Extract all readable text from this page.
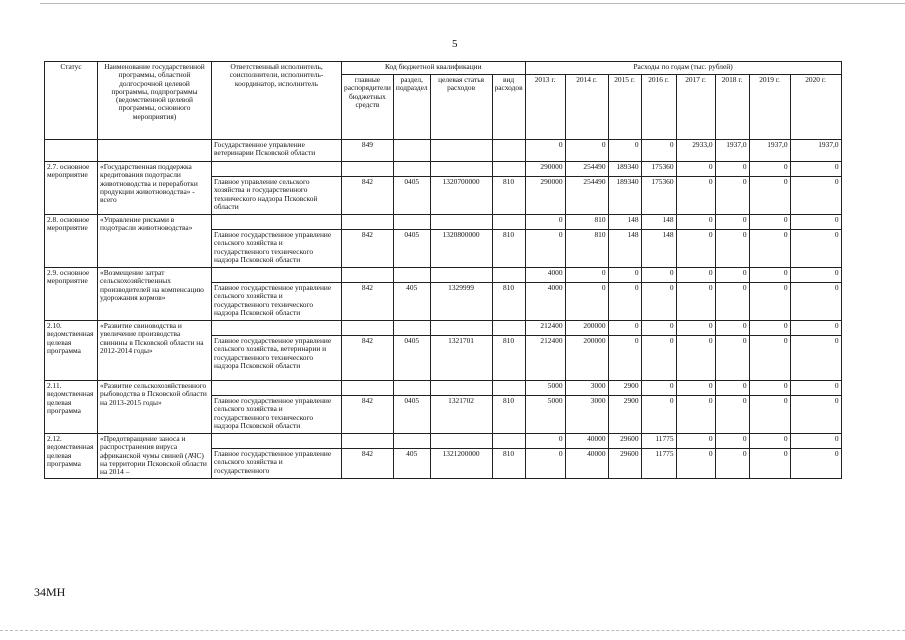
5
Статус	Наименование государственной программы, областной долгосрочной целевой программы, подпрограммы (ведомственной целевой программы, основного мероприятия)	Ответственный исполнитель, соисполнители, исполнитель-координатор, исполнитель	Код бюджетной квалификации				Расходы по годам (тыс. рублей)							
			главные распорядители бюджетных средств	раздел, подраздел	целевая статья расходов	вид расходов	2013 г.	2014 г.	2015 г.	2016 г.	2017 г.	2018 г.	2019 г.	2020 г.
		Государственное управление ветеринарии Псковской области	849				0	0	0	0	2933,0	1937,0	1937,0	1937,0
2.7. основное мероприятие	«Государственная поддержка кредитования подотрасли животноводства и переработки продукции животноводства» - всего						290000	254490	189340	175360	0	0	0	0
		Главное управление сельского хозяйства и государственного технического надзора Псковской области	842	0405	1320700000	810	290000	254490	189340	175360	0	0	0	0
2.8. основное мероприятие	«Управление рисками в подотрасли животноводства»						0	810	148	148	0	0	0	0
		Главное государственное управление сельского хозяйства и государственного технического надзора Псковской области	842	0405	1320800000	810	0	810	148	148	0	0	0	0
2.9. основное мероприятие	«Возмещение затрат сельскохозяйственных производителей на компенсацию удорожания кормов»						4000	0	0	0	0	0	0	0
		Главное государственное управление сельского хозяйства и государственного технического надзора Псковской области	842	405	1329999	810	4000	0	0	0	0	0	0	0
2.10. ведомственная целевая программа	«Развитие свиноводства и увеличение производства свинины в Псковской области на 2012-2014 годы»						212400	200000	0	0	0	0	0	0
		Главное государственное управление сельского хозяйства, ветеринарии и государственного технического надзора Псковской области	842	0405	1321701	810	212400	200000	0	0	0	0	0	0
2.11. ведомственная целевая программа	«Развитие сельскохозяйственного рыбоводства в Псковской области на 2013-2015 годы»						5000	3000	2900	0	0	0	0	0
		Главное государственное управление сельского хозяйства и государственного технического надзора Псковской области	842	0405	1321702	810	5000	3000	2900	0	0	0	0	0
2.12. ведомственная целевая программа	«Предотвращение заноса и распространения вируса африканской чумы свиней (АЧС) на территории Псковской области на 2014 –						0	40000	29600	11775	0	0	0	0
		Главное государственное управление сельского хозяйства и государственного	842	405	1321200000	810	0	40000	29600	11775	0	0	0	0
34МН
